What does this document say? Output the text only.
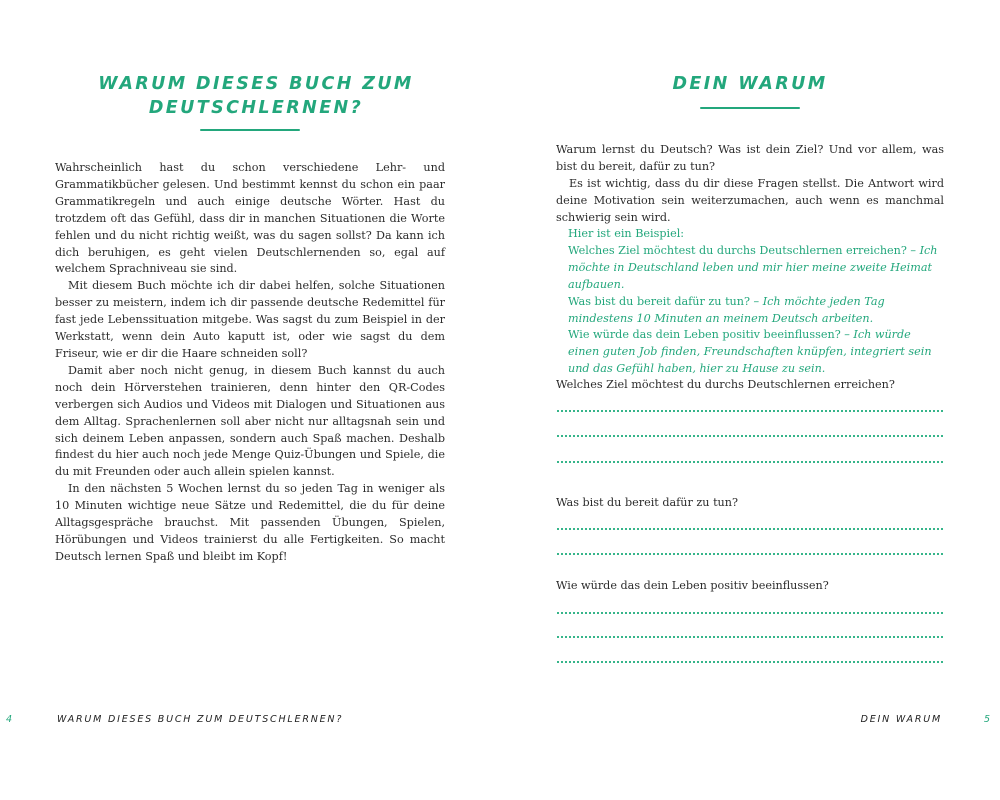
WARUM DIESES BUCH ZUM
DEUTSCHLERNEN?

Wahrscheinlich hast du schon verschiedene Lehr- und Grammatikbücher gelesen. Und bestimmt kennst du schon ein paar Grammatikregeln und auch einige deutsche Wörter. Hast du trotzdem oft das Gefühl, dass dir in manchen Situationen die Worte fehlen und du nicht richtig weißt, was du sagen sollst? Da kann ich dich beruhigen, es geht vielen Deutschlernenden so, egal auf welchem Sprachniveau sie sind.

Mit diesem Buch möchte ich dir dabei helfen, solche Situationen besser zu meistern, indem ich dir passende deutsche Redemittel für fast jede Lebenssituation mitgebe. Was sagst du zum Beispiel in der Werkstatt, wenn dein Auto kaputt ist, oder wie sagst du dem Friseur, wie er dir die Haare schneiden soll?

Damit aber noch nicht genug, in diesem Buch kannst du auch noch dein Hörverstehen trainieren, denn hinter den QR-Codes verbergen sich Audios und Videos mit Dialogen und Situationen aus dem Alltag. Sprachenlernen soll aber nicht nur alltagsnah sein und sich deinem Leben anpassen, sondern auch Spaß machen. Deshalb findest du hier auch noch jede Menge Quiz-Übungen und Spiele, die du mit Freunden oder auch allein spielen kannst.

In den nächsten 5 Wochen lernst du so jeden Tag in weniger als 10 Minuten wichtige neue Sätze und Redemittel, die du für deine Alltagsgespräche brauchst. Mit passenden Übungen, Spielen, Hörübungen und Videos trainierst du alle Fertigkeiten. So macht Deutsch lernen Spaß und bleibt im Kopf!

4	WARUM DIESES BUCH ZUM DEUTSCHLERNEN?
DEIN WARUM

Warum lernst du Deutsch? Was ist dein Ziel? Und vor allem, was bist du bereit, dafür zu tun?

Es ist wichtig, dass du dir diese Fragen stellst. Die Antwort wird deine Motivation sein weiterzumachen, auch wenn es manchmal schwierig sein wird.

Hier ist ein Beispiel:

Welches Ziel möchtest du durchs Deutschlernen erreichen? – Ich möchte in Deutschland leben und mir hier meine zweite Heimat aufbauen.

Was bist du bereit dafür zu tun? – Ich möchte jeden Tag mindestens 10 Minuten an meinem Deutsch arbeiten.

Wie würde das dein Leben positiv beeinflussen? – Ich würde einen guten Job finden, Freundschaften knüpfen, integriert sein und das Gefühl haben, hier zu Hause zu sein.

Welches Ziel möchtest du durchs Deutschlernen erreichen?
Was bist du bereit dafür zu tun?
Wie würde das dein Leben positiv beeinflussen?
DEIN WARUM	5
